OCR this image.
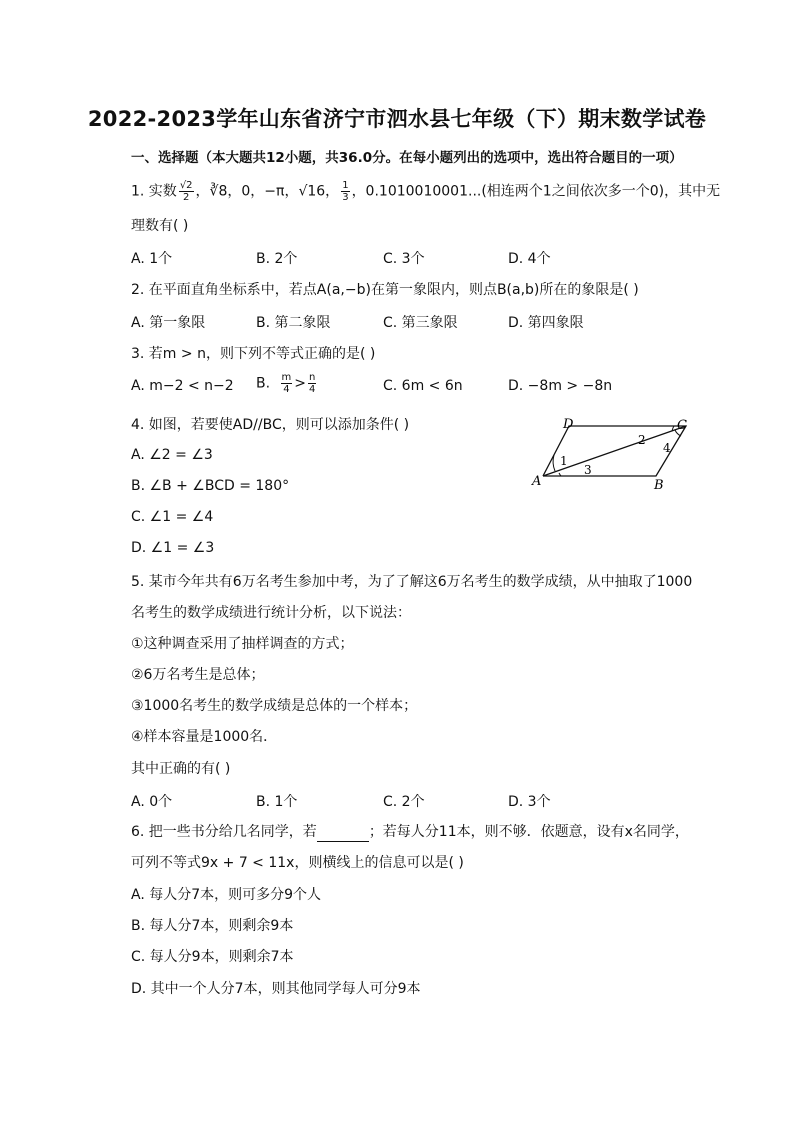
2022-2023学年山东省济宁市泗水县七年级（下）期末数学试卷
一、选择题（本大题共12小题，共36.0分。在每小题列出的选项中，选出符合题目的一项）
1. 实数 $\frac{√2}{2}$ ，∛8，0，−π，√16， $\frac{1}{3}$ ，0.1010010001...(相连两个1之间依次多一个0)，其中无
理数有( )
A. 1个	B. 2个	C. 3个	D. 4个
2. 在平面直角坐标系中，若点A(a,−b)在第一象限内，则点B(a,b)所在的象限是( )
A. 第一象限	B. 第二象限	C. 第三象限	D. 第四象限
3. 若m > n，则下列不等式正确的是( )
A. m−2 < n−2 B. $\frac{m}{4} > \frac{n}{4}$	C. 6m < 6n	D. −8m > −8n
4. 如图，若要使AD//BC，则可以添加条件( )
A. ∠2 = ∠3
B. ∠B + ∠BCD = 180°
C. ∠1 = ∠4
D. ∠1 = ∠3
D	C
A	B
1
2
3
4
5. 某市今年共有6万名考生参加中考，为了了解这6万名考生的数学成绩，从中抽取了1000
名考生的数学成绩进行统计分析，以下说法：
①这种调查采用了抽样调查的方式；
②6万名考生是总体；
③1000名考生的数学成绩是总体的一个样本；
④样本容量是1000名．
其中正确的有( )
A. 0个	B. 1个	C. 2个	D. 3个
6. 把一些书分给几名同学，若	；若每人分11本，则不够．依题意，设有x名同学，
可列不等式9x + 7 < 11x，则横线上的信息可以是( )
A. 每人分7本，则可多分9个人
B. 每人分7本，则剩余9本
C. 每人分9本，则剩余7本
D. 其中一个人分7本，则其他同学每人可分9本
